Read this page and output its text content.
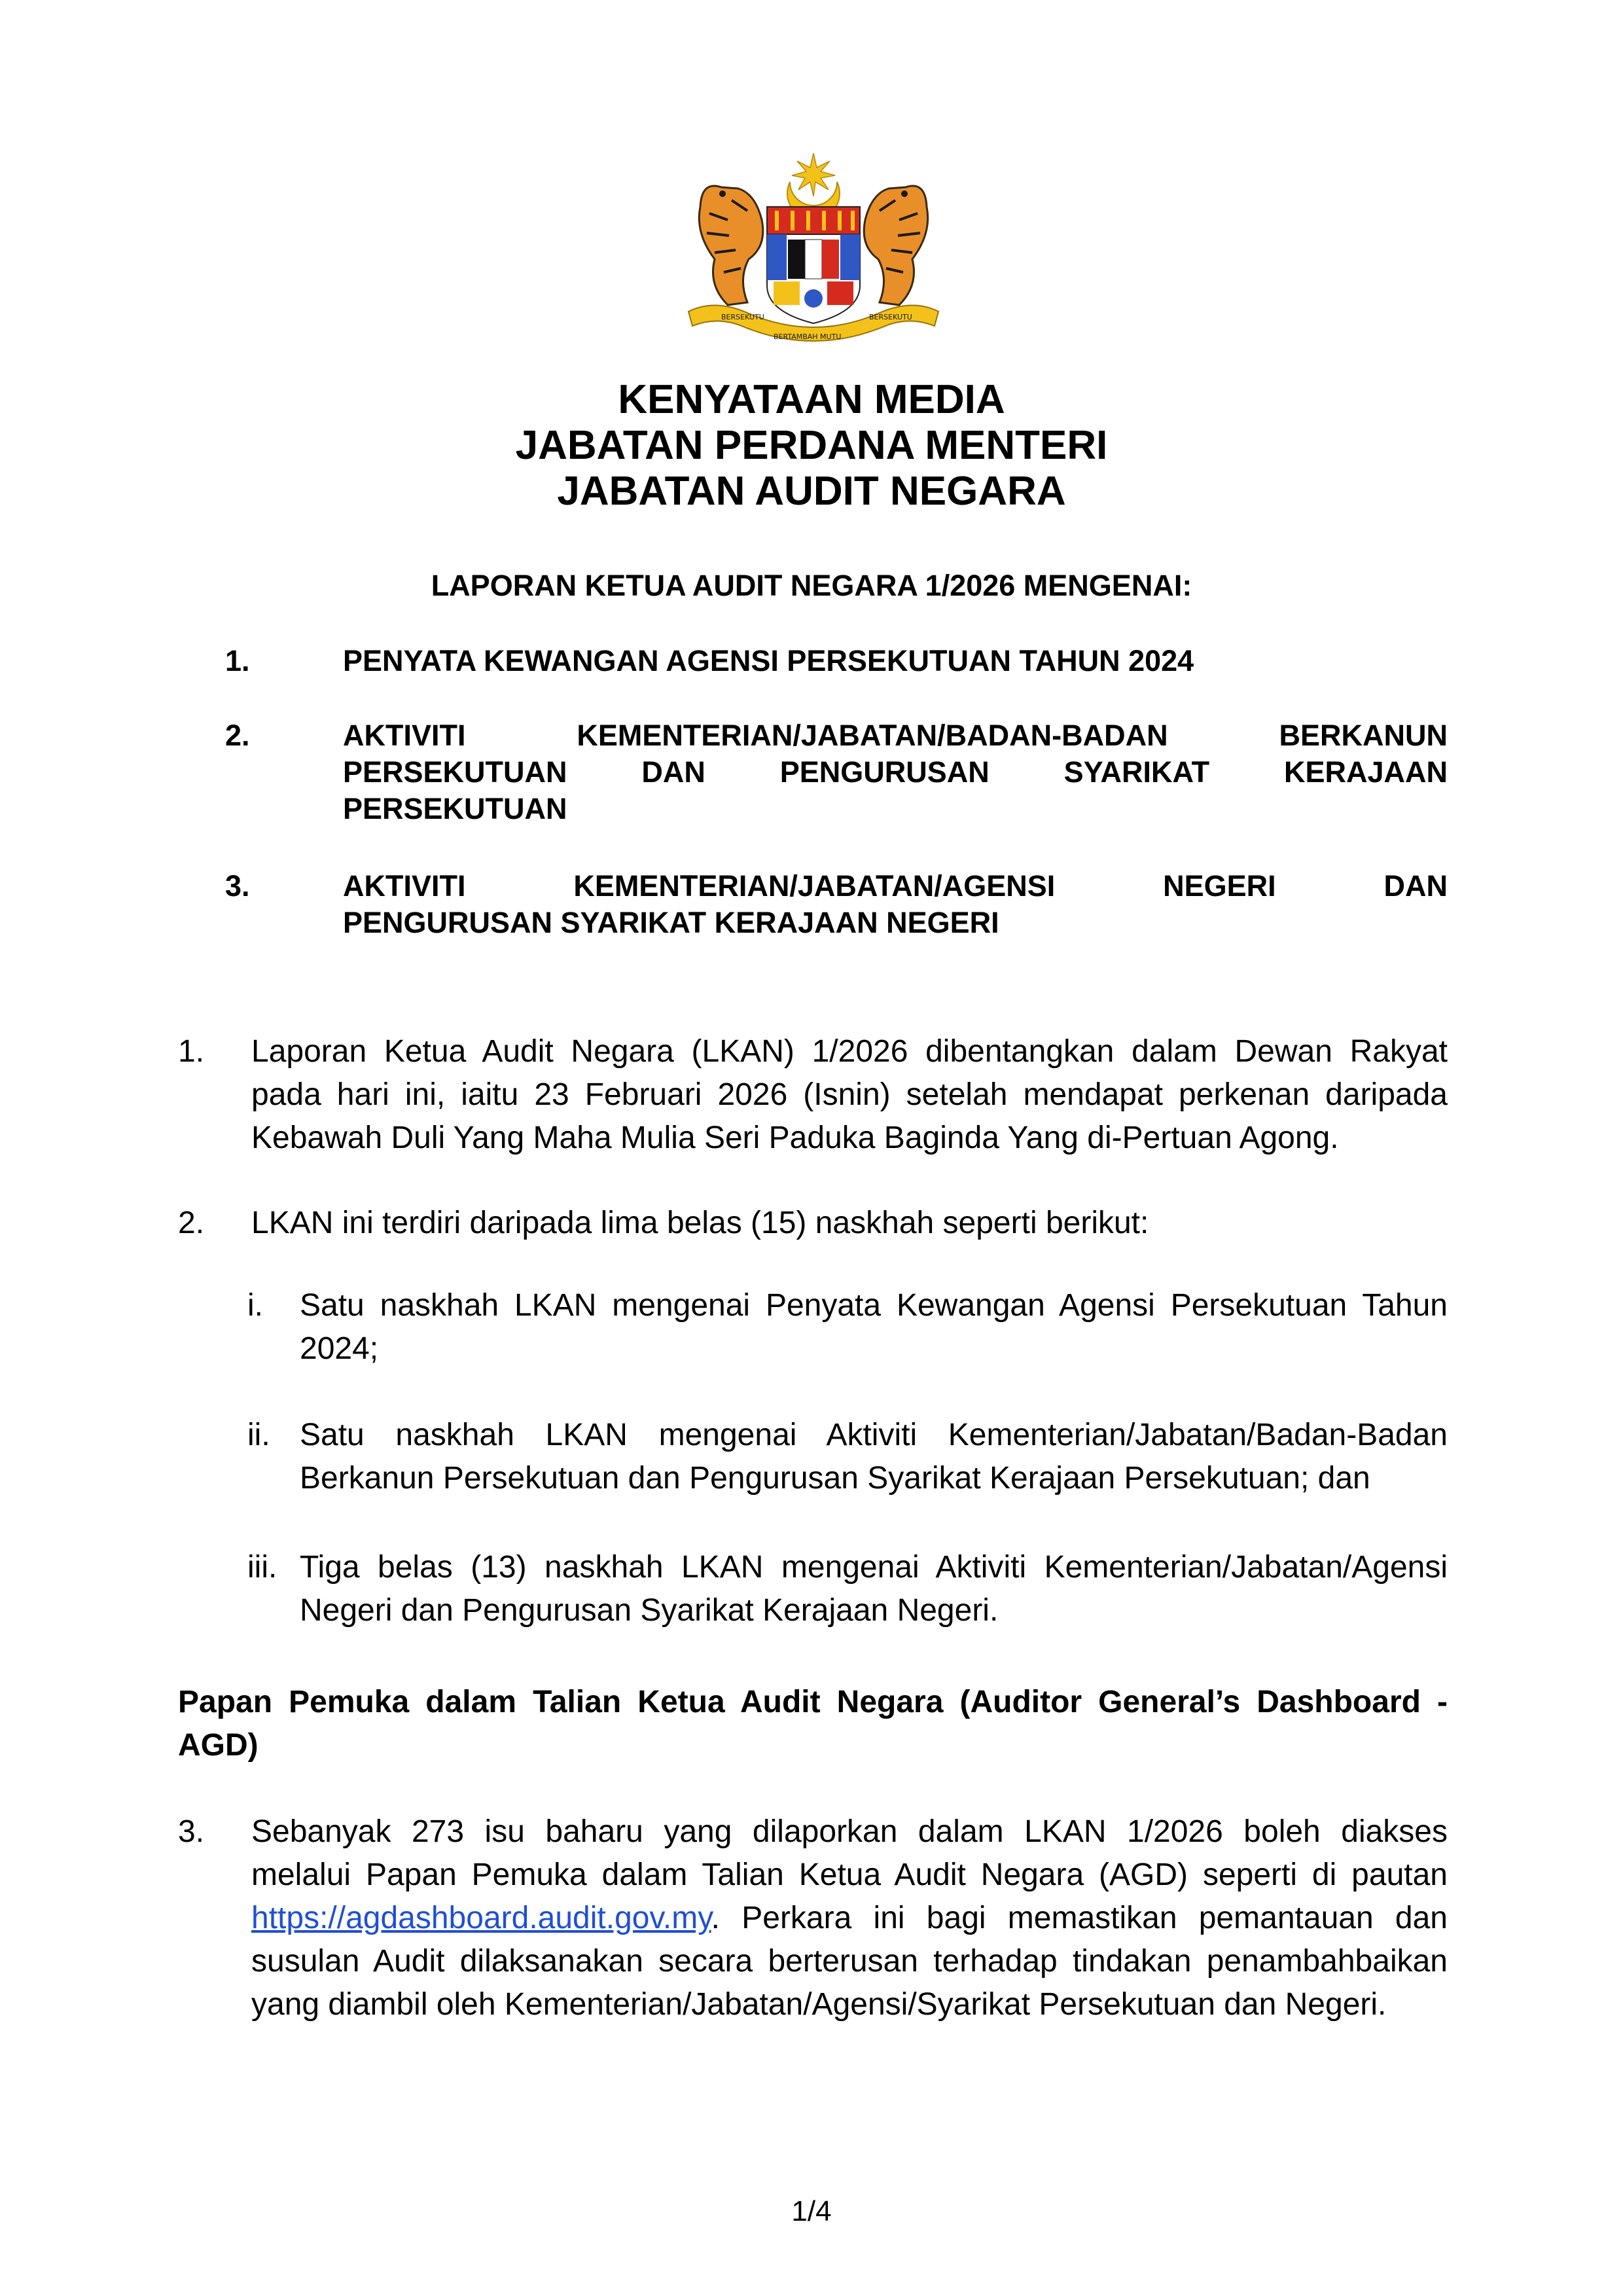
BERSEKUTU	BERSEKUTU
BERTAMBAH MUTU
KENYATAAN MEDIA
JABATAN PERDANA MENTERI
JABATAN AUDIT NEGARA
LAPORAN KETUA AUDIT NEGARA 1/2026 MENGENAI:
1.	PENYATA KEWANGAN AGENSI PERSEKUTUAN TAHUN 2024
2.	AKTIVITI KEMENTERIAN/JABATAN/BADAN-BADAN BERKANUN
PERSEKUTUAN DAN PENGURUSAN SYARIKAT KERAJAAN
PERSEKUTUAN
3.	AKTIVITI KEMENTERIAN/JABATAN/AGENSI NEGERI DAN
PENGURUSAN SYARIKAT KERAJAAN NEGERI
1. Laporan Ketua Audit Negara (LKAN) 1/2026 dibentangkan dalam Dewan Rakyat
pada hari ini, iaitu 23 Februari 2026 (Isnin) setelah mendapat perkenan daripada
Kebawah Duli Yang Maha Mulia Seri Paduka Baginda Yang di-Pertuan Agong.
2. LKAN ini terdiri daripada lima belas (15) naskhah seperti berikut:
i. Satu naskhah LKAN mengenai Penyata Kewangan Agensi Persekutuan Tahun
2024;
ii. Satu naskhah LKAN mengenai Aktiviti Kementerian/Jabatan/Badan-Badan
Berkanun Persekutuan dan Pengurusan Syarikat Kerajaan Persekutuan; dan
iii. Tiga belas (13) naskhah LKAN mengenai Aktiviti Kementerian/Jabatan/Agensi
Negeri dan Pengurusan Syarikat Kerajaan Negeri.
Papan Pemuka dalam Talian Ketua Audit Negara (Auditor General’s Dashboard -
AGD)
3. Sebanyak 273 isu baharu yang dilaporkan dalam LKAN 1/2026 boleh diakses
melalui Papan Pemuka dalam Talian Ketua Audit Negara (AGD) seperti di pautan
https://agdashboard.audit.gov.my. Perkara ini bagi memastikan pemantauan dan
susulan Audit dilaksanakan secara berterusan terhadap tindakan penambahbaikan
yang diambil oleh Kementerian/Jabatan/Agensi/Syarikat Persekutuan dan Negeri.
1/4
